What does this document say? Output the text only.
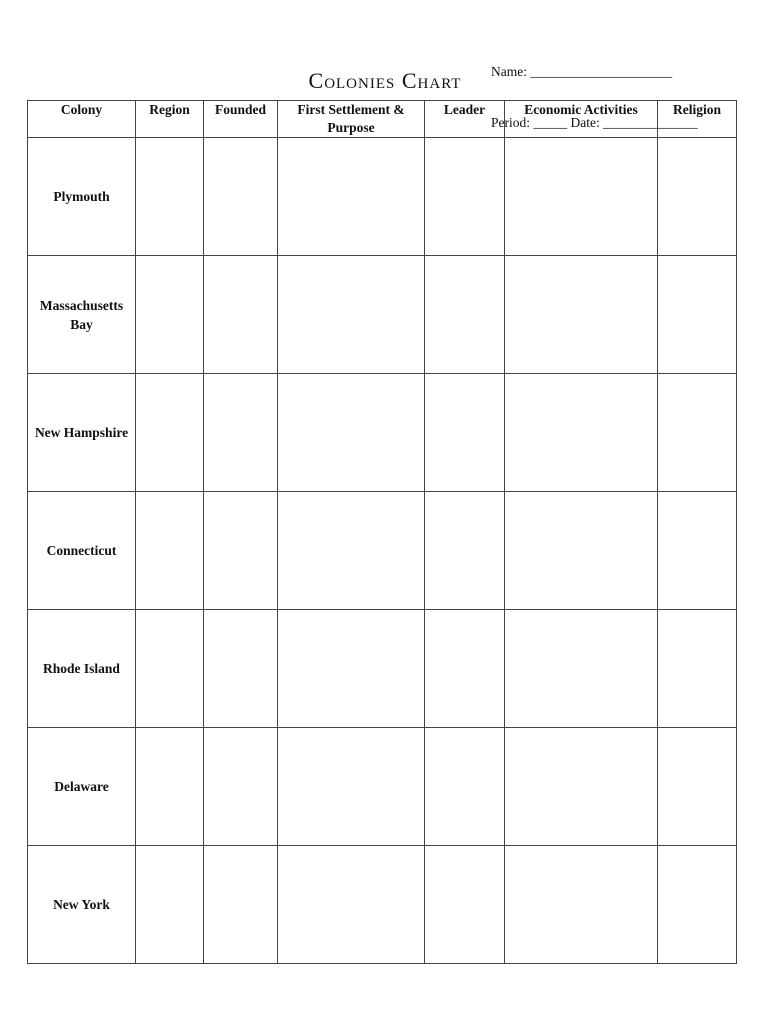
Name: _____________________

Period: _____ Date: ______________

Colonies Chart
Colony	Region	Founded	First Settlement & Purpose	Leader	Economic Activities	Religion
Plymouth						
Massachusetts Bay						
New Hampshire						
Connecticut						
Rhode Island						
Delaware						
New York						
